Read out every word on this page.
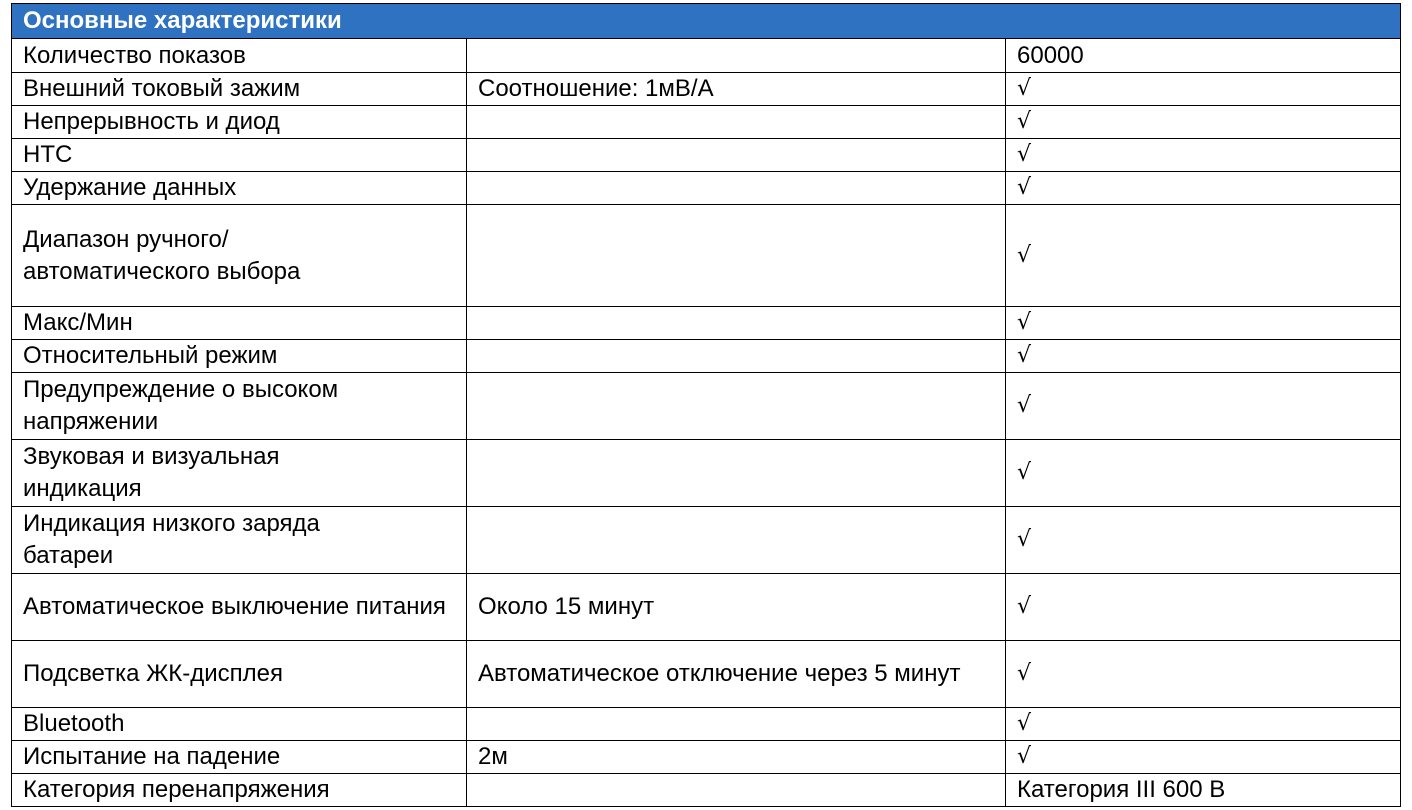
Основные характеристики		
Количество показов		60000
Внешний токовый зажим	Соотношение: 1мВ/А	√
Непрерывность и диод		√
НТС		√
Удержание данных		√
Диапазон ручного/автоматического выбора		√
Макс/Мин		√
Относительный режим		√
Предупреждение о высоком напряжении		√
Звуковая и визуальная индикация		√
Индикация низкого заряда батареи		√
Автоматическое выключение питания	Около 15 минут	√
Подсветка ЖК-дисплея	Автоматическое отключение через 5 минут	√
Bluetooth		√
Испытание на падение	2м	√
Категория перенапряжения		Категория III 600 В
